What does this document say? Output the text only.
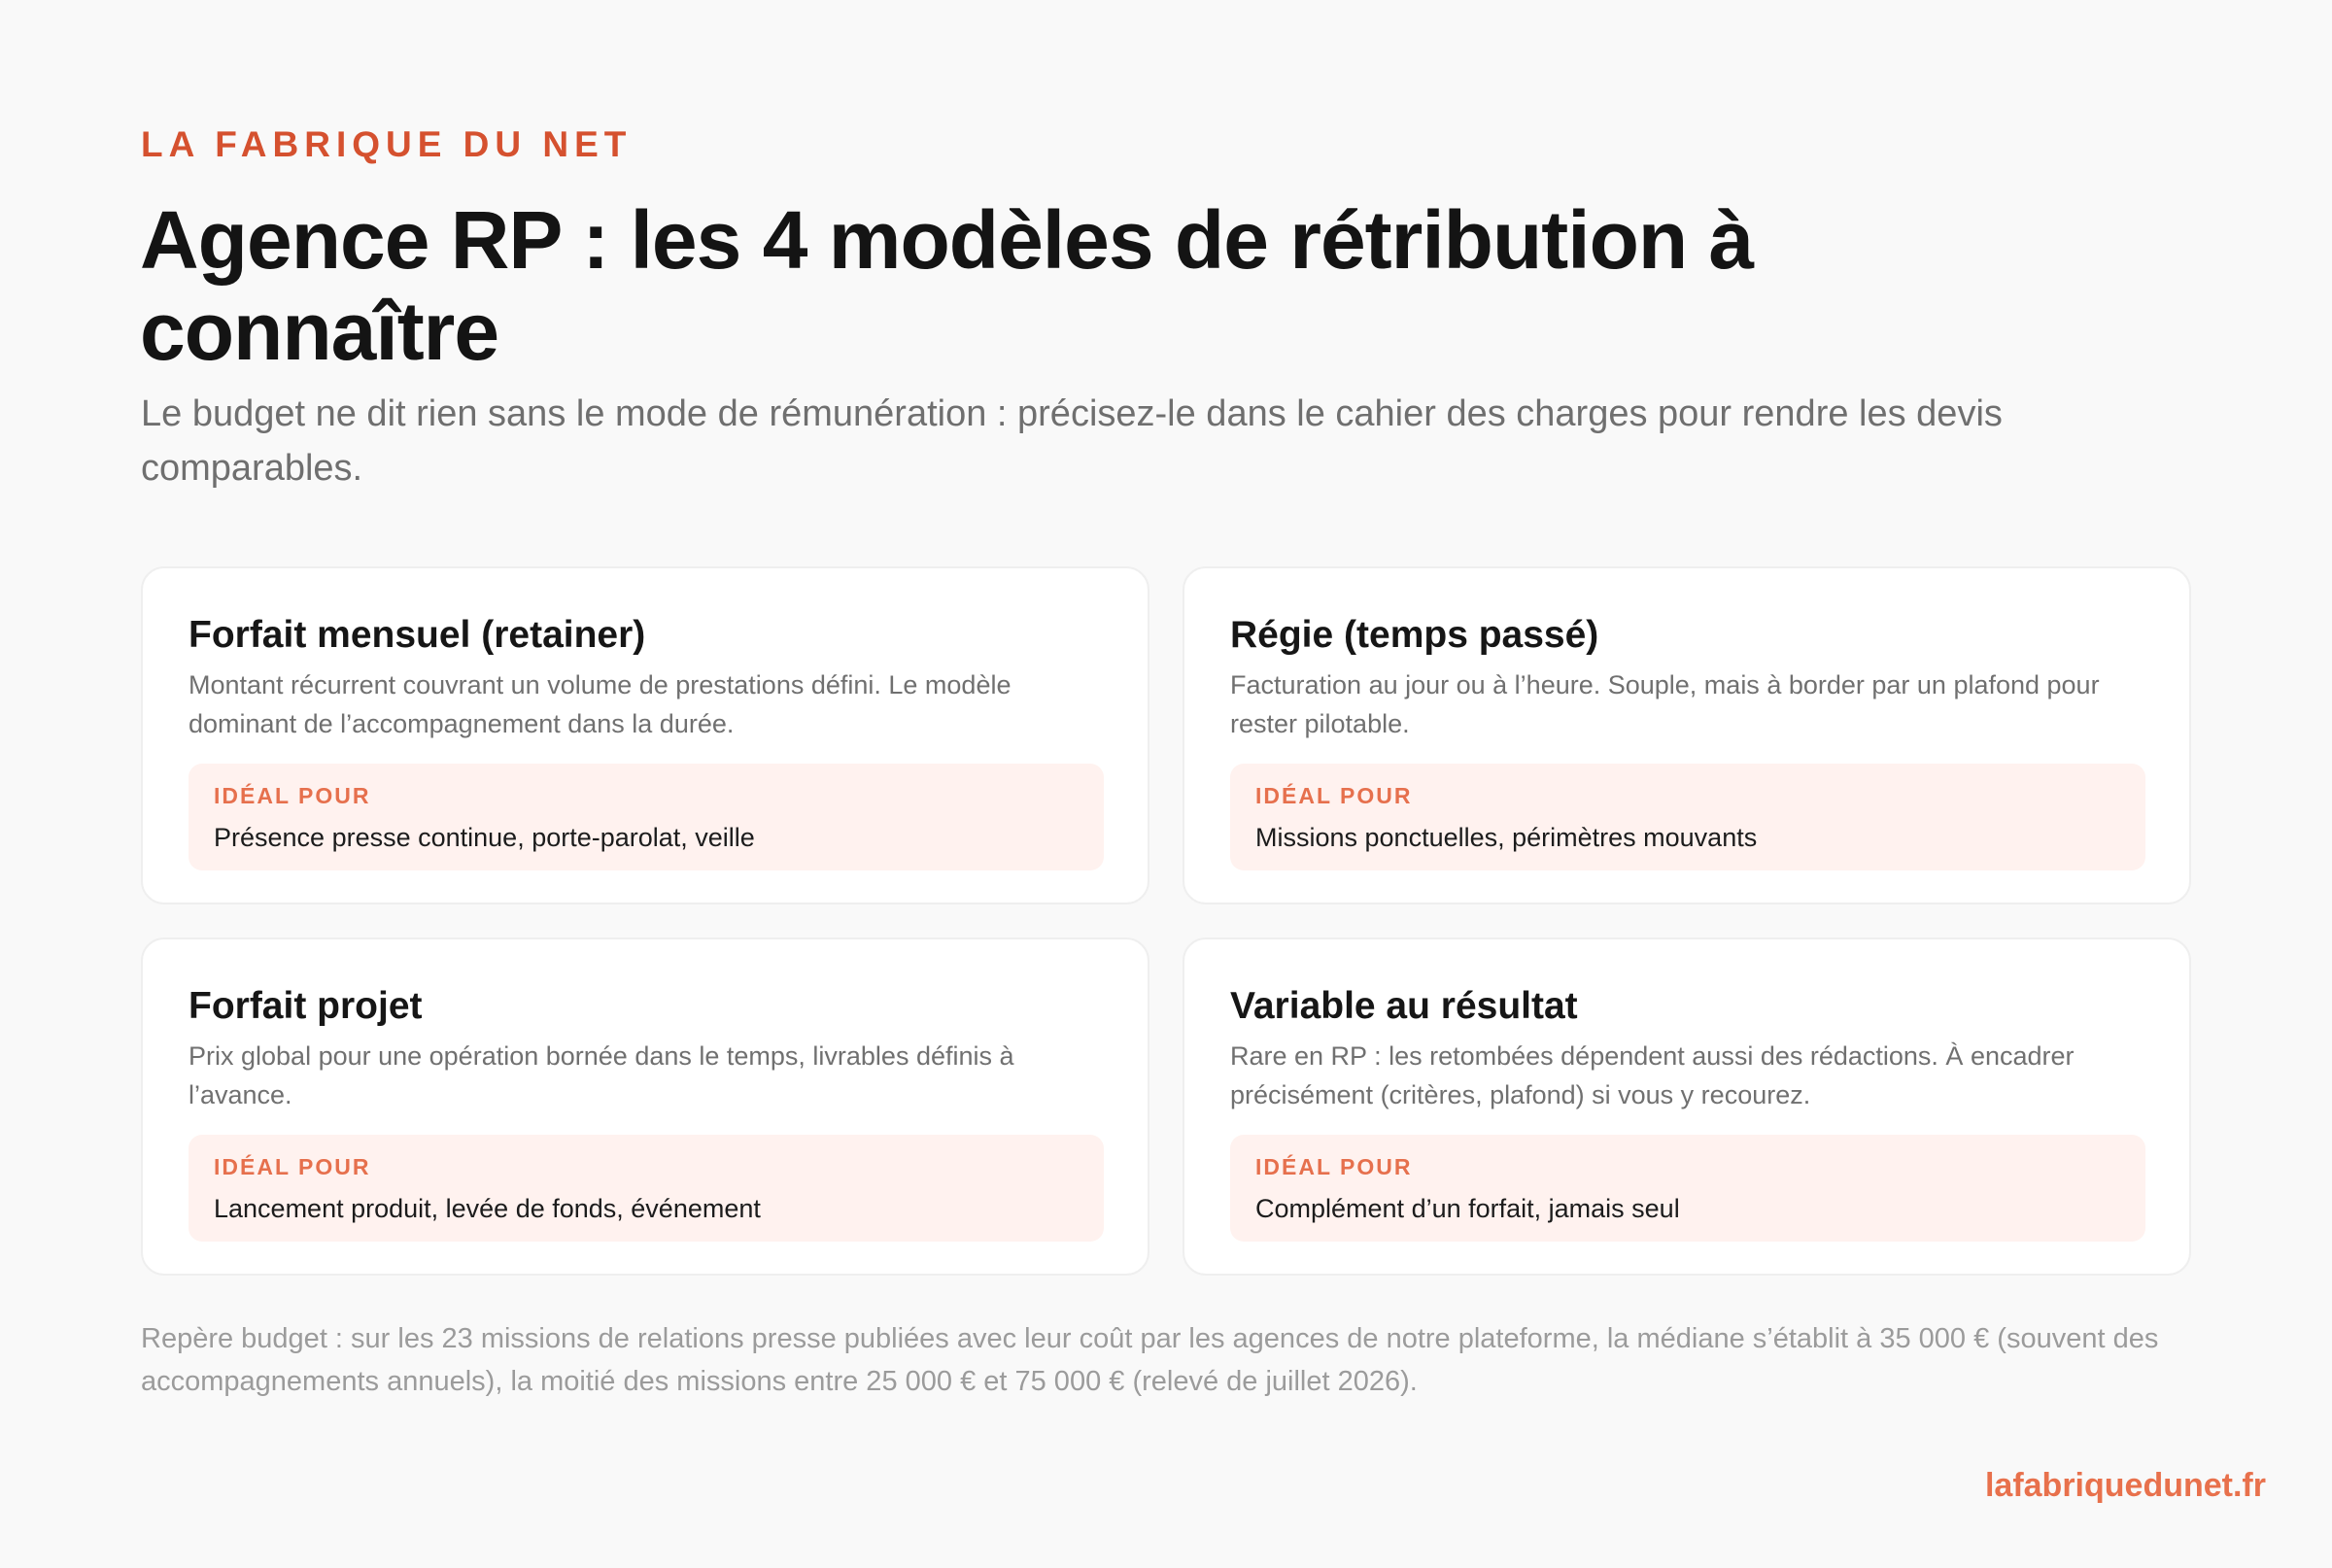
LA FABRIQUE DU NET
Agence RP : les 4 modèles de rétribution à connaître

Le budget ne dit rien sans le mode de rémunération : précisez-le dans le cahier des charges pour rendre les devis comparables.

Forfait mensuel (retainer)

Montant récurrent couvrant un volume de prestations défini. Le modèle dominant de l’accompagnement dans la durée.

IDÉAL POUR
Présence presse continue, porte-parolat, veille
Régie (temps passé)

Facturation au jour ou à l’heure. Souple, mais à border par un plafond pour rester pilotable.

IDÉAL POUR
Missions ponctuelles, périmètres mouvants
Forfait projet

Prix global pour une opération bornée dans le temps, livrables définis à l’avance.

IDÉAL POUR
Lancement produit, levée de fonds, événement
Variable au résultat

Rare en RP : les retombées dépendent aussi des rédactions. À encadrer précisément (critères, plafond) si vous y recourez.

IDÉAL POUR
Complément d’un forfait, jamais seul

Repère budget : sur les 23 missions de relations presse publiées avec leur coût par les agences de notre plateforme, la médiane s’établit à 35 000 € (souvent des accompagnements annuels), la moitié des missions entre 25 000 € et 75 000 € (relevé de juillet 2026).

lafabriquedunet.fr
